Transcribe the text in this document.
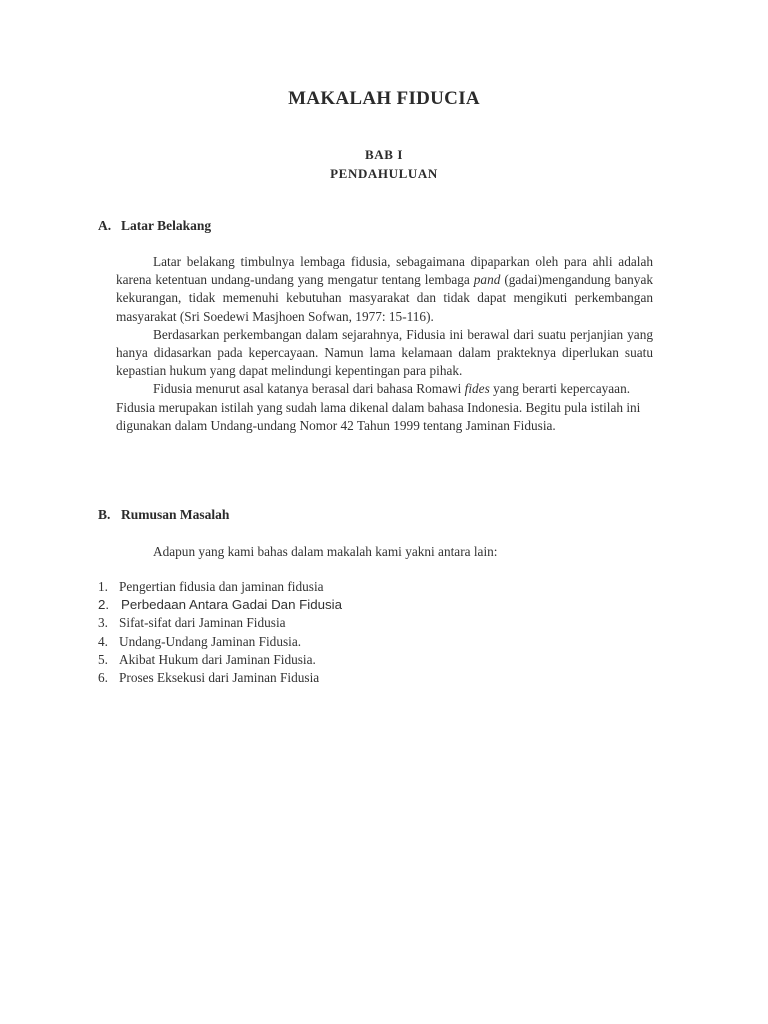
MAKALAH FIDUCIA
BAB I
PENDAHULUAN
A. Latar Belakang

Latar belakang timbulnya lembaga fidusia, sebagaimana dipaparkan oleh para ahli adalah karena ketentuan undang-undang yang mengatur tentang lembaga pand (gadai)mengandung banyak kekurangan, tidak memenuhi kebutuhan masyarakat dan tidak dapat mengikuti perkembangan masyarakat (Sri Soedewi Masjhoen Sofwan, 1977: 15-116).

Berdasarkan perkembangan dalam sejarahnya, Fidusia ini berawal dari suatu perjanjian yang hanya didasarkan pada kepercayaan. Namun lama kelamaan dalam prakteknya diperlukan suatu kepastian hukum yang dapat melindungi kepentingan para pihak.

Fidusia menurut asal katanya berasal dari bahasa Romawi fides yang berarti kepercayaan. Fidusia merupakan istilah yang sudah lama dikenal dalam bahasa Indonesia. Begitu pula istilah ini digunakan dalam Undang-undang Nomor 42 Tahun 1999 tentang Jaminan Fidusia.

B. Rumusan Masalah

Adapun yang kami bahas dalam makalah kami yakni antara lain:

1. Pengertian fidusia dan jaminan fidusia
2. Perbedaan Antara Gadai Dan Fidusia
3. Sifat-sifat dari Jaminan Fidusia
4. Undang-Undang Jaminan Fidusia.
5. Akibat Hukum dari Jaminan Fidusia.
6. Proses Eksekusi dari Jaminan Fidusia
